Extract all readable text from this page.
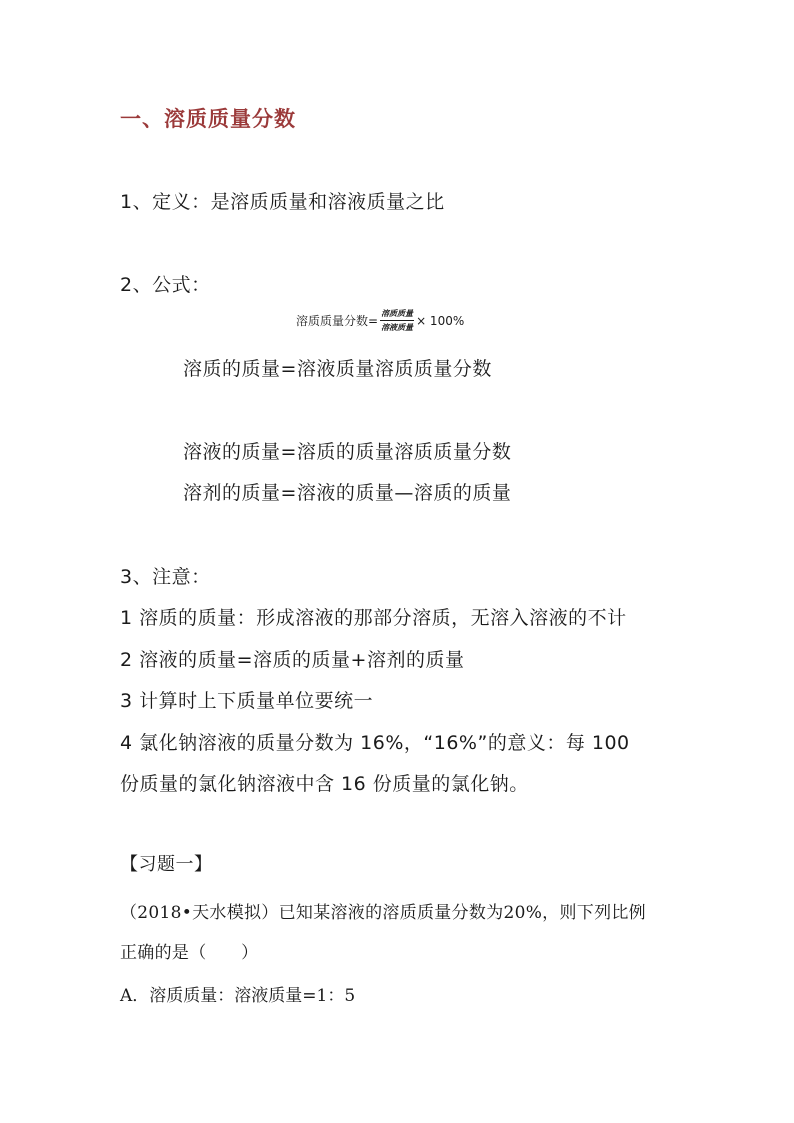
一、溶质质量分数
1、定义：是溶质质量和溶液质量之比
2、公式：
溶质质量分数= $\frac{\text{溶质质量}}{\text{溶液质量}} \times 100\%$
溶质的质量=溶液质量溶质质量分数
溶液的质量=溶质的质量溶质质量分数
溶剂的质量=溶液的质量—溶质的质量
3、注意：
1 溶质的质量：形成溶液的那部分溶质，无溶入溶液的不计
2 溶液的质量=溶质的质量+溶剂的质量
3 计算时上下质量单位要统一
4 氯化钠溶液的质量分数为 16%，“16%”的意义：每 100
份质量的氯化钠溶液中含 16 份质量的氯化钠。
【习题一】
（2018•天水模拟）已知某溶液的溶质质量分数为20%，则下列比例
正确的是（　　）
A．溶质质量：溶液质量=1：5
